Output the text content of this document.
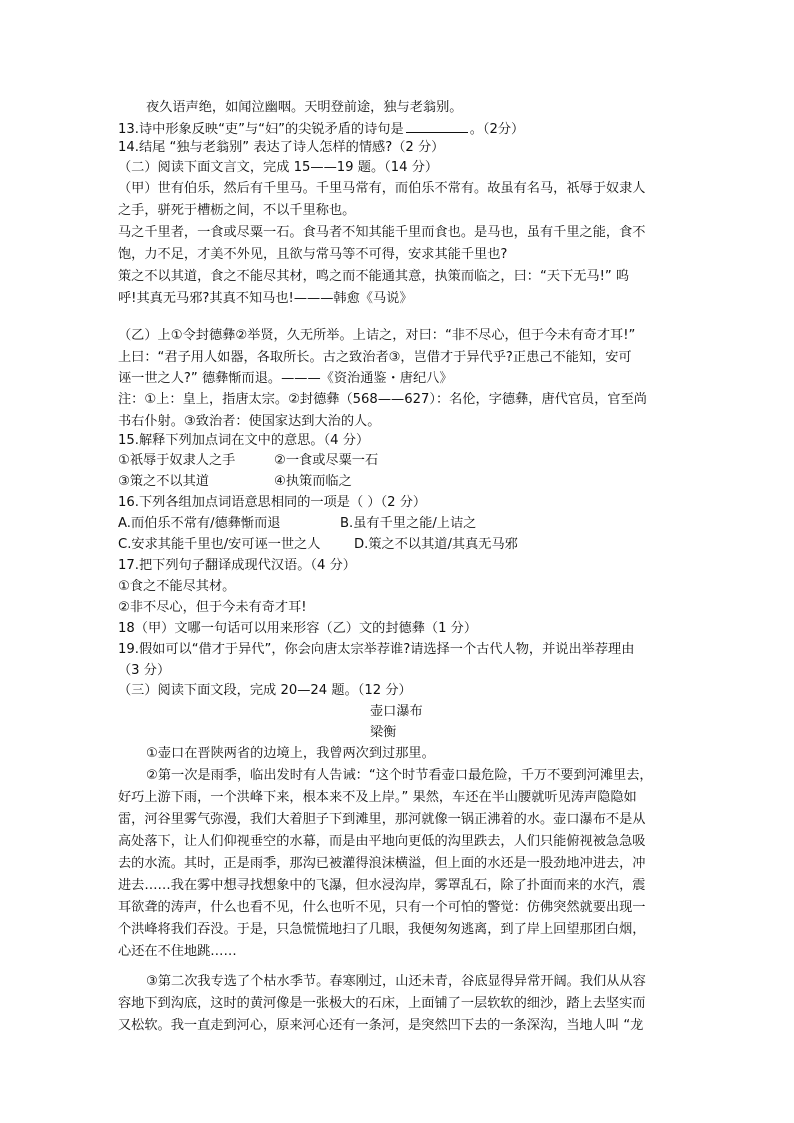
夜久语声绝，如闻泣幽咽。天明登前途，独与老翁别。
13.诗中形象反映“吏”与“妇”的尖锐矛盾的诗句是	。（2分）
14.结尾 “独与老翁别” 表达了诗人怎样的情感?（2 分）
（二）阅读下面文言文，完成 15——19 题。（14 分）
（甲）世有伯乐，然后有千里马。千里马常有，而伯乐不常有。故虽有名马，祇辱于奴隶人
之手，骈死于槽枥之间，不以千里称也。
马之千里者，一食或尽粟一石。食马者不知其能千里而食也。是马也，虽有千里之能，食不
饱，力不足，才美不外见，且欲与常马等不可得，安求其能千里也?
策之不以其道，食之不能尽其材，鸣之而不能通其意，执策而临之，曰：“天下无马!” 呜
呼!其真无马邪?其真不知马也!———韩愈《马说》
（乙）上①令封德彝②举贤，久无所举。上诘之，对曰：“非不尽心，但于今未有奇才耳!”
上曰：“君子用人如器，各取所长。古之致治者③，岂借才于异代乎?正患己不能知，安可
诬一世之人?” 德彝惭而退。———《资治通鉴・唐纪八》
注：①上：皇上，指唐太宗。②封德彝（568——627）：名伦，字德彝，唐代官员，官至尚
书右仆射。③致治者：使国家达到大治的人。
15.解释下列加点词在文中的意思。（4 分）
①祇辱于奴隶人之手	②一食或尽粟一石
③策之不以其道	④执策而临之
16.下列各组加点词语意思相同的一项是（ ）（2 分）
A.而伯乐不常有/德彝惭而退	B.虽有千里之能/上诘之
C.安求其能千里也/安可诬一世之人	D.策之不以其道/其真无马邪
17.把下列句子翻译成现代汉语。（4 分）
①食之不能尽其材。
②非不尽心，但于今未有奇才耳!
18（甲）文哪一句话可以用来形容（乙）文的封德彝（1 分）
19.假如可以“借才于异代”，你会向唐太宗举荐谁?请选择一个古代人物，并说出举荐理由
（3 分）
（三）阅读下面文段，完成 20—24 题。（12 分）
壶口瀑布
梁衡
①壶口在晋陕两省的边境上，我曾两次到过那里。
②第一次是雨季，临出发时有人告诫：“这个时节看壶口最危险，千万不要到河滩里去，
好巧上游下雨，一个洪峰下来，根本来不及上岸。” 果然，车还在半山腰就听见涛声隐隐如
雷，河谷里雾气弥漫，我们大着胆子下到滩里，那河就像一锅正沸着的水。壶口瀑布不是从
高处落下，让人们仰视垂空的水幕，而是由平地向更低的沟里跌去，人们只能俯视被急急吸
去的水流。其时，正是雨季，那沟已被灌得浪沫横溢，但上面的水还是一股劲地冲进去，冲
进去……我在雾中想寻找想象中的飞瀑，但水浸沟岸，雾罩乱石，除了扑面而来的水汽，震
耳欲聋的涛声，什么也看不见，什么也听不见，只有一个可怕的警觉：仿佛突然就要出现一
个洪峰将我们吞没。于是，只急慌慌地扫了几眼，我便匆匆逃离，到了岸上回望那团白烟，
心还在不住地跳……
③第二次我专选了个枯水季节。春寒刚过，山还未青，谷底显得异常开阔。我们从从容
容地下到沟底，这时的黄河像是一张极大的石床，上面铺了一层软软的细沙，踏上去坚实而
又松软。我一直走到河心，原来河心还有一条河，是突然凹下去的一条深沟，当地人叫 “龙
